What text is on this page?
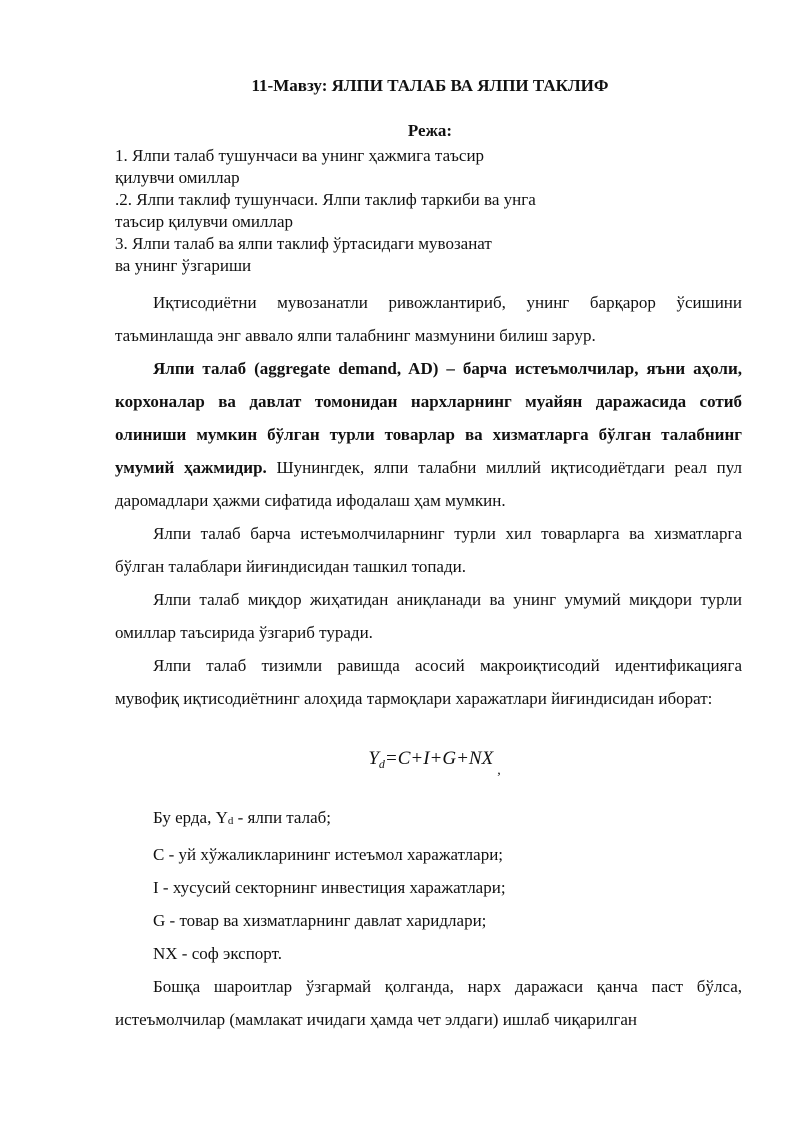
11-Мавзу: ЯЛПИ ТАЛАБ ВА ЯЛПИ ТАКЛИФ
Режа:
1. Ялпи талаб тушунчаси ва унинг ҳажмига таъсир
қилувчи омиллар
.2. Ялпи таклиф тушунчаси. Ялпи таклиф таркиби ва унга
таъсир қилувчи омиллар
3. Ялпи талаб ва ялпи таклиф ўртасидаги мувозанат
ва унинг ўзгариши

Иқтисодиётни мувозанатли ривожлантириб, унинг барқарор ўсишини таъминлашда энг аввало ялпи талабнинг мазмунини билиш зарур.

Ялпи талаб (aggregate demand, AD) – барча истеъмолчилар, яъни аҳоли, корхоналар ва давлат томонидан нархларнинг муайян даражасида сотиб олиниши мумкин бўлган турли товарлар ва хизматларга бўлган талабнинг умумий ҳажмидир. Шунингдек, ялпи талабни миллий иқтисодиётдаги реал пул даромадлари ҳажми сифатида ифодалаш ҳам мумкин.

Ялпи талаб барча истеъмолчиларнинг турли хил товарларга ва хизматларга бўлган талаблари йиғиндисидан ташкил топади.

Ялпи талаб миқдор жиҳатидан аниқланади ва унинг умумий миқдори турли омиллар таъсирида ўзгариб туради.

Ялпи талаб тизимли равишда асосий макроиқтисодий идентификацияга мувофиқ иқтисодиётнинг алоҳида тармоқлари харажатлари йиғиндисидан иборат:

$Y_d=C+I+G+NX_,$

Бу ерда, Yd - ялпи талаб;

C - уй хўжаликларининг истеъмол харажатлари;

I - хусусий секторнинг инвестиция харажатлари;

G - товар ва хизматларнинг давлат харидлари;

NX - соф экспорт.

Бошқа шароитлар ўзгармай қолганда, нарх даражаси қанча паст бўлса, истеъмолчилар (мамлакат ичидаги ҳамда чет элдаги) ишлаб чиқарилган
